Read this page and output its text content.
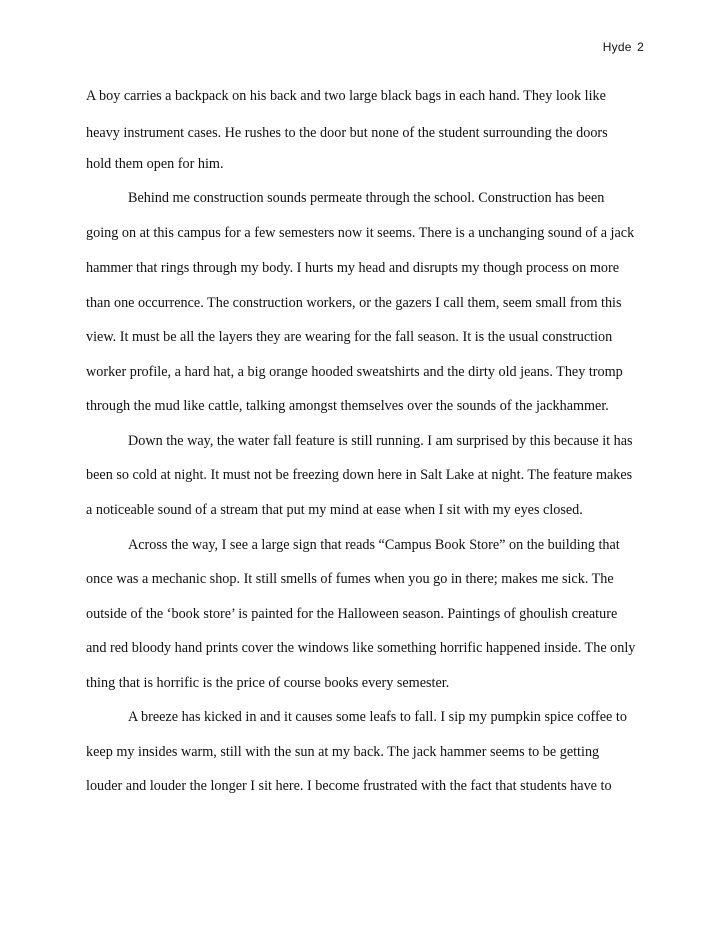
Hyde 2
A boy carries a backpack on his back and two large black bags in each hand. They look like
heavy instrument cases. He rushes to the door but none of the student surrounding the doors
hold them open for him.
Behind me construction sounds permeate through the school. Construction has been
going on at this campus for a few semesters now it seems. There is a unchanging sound of a jack
hammer that rings through my body. I hurts my head and disrupts my though process on more
than one occurrence. The construction workers, or the gazers I call them, seem small from this
view. It must be all the layers they are wearing for the fall season. It is the usual construction
worker profile, a hard hat, a big orange hooded sweatshirts and the dirty old jeans. They tromp
through the mud like cattle, talking amongst themselves over the sounds of the jackhammer.
Down the way, the water fall feature is still running. I am surprised by this because it has
been so cold at night. It must not be freezing down here in Salt Lake at night. The feature makes
a noticeable sound of a stream that put my mind at ease when I sit with my eyes closed.
Across the way, I see a large sign that reads “Campus Book Store” on the building that
once was a mechanic shop. It still smells of fumes when you go in there; makes me sick. The
outside of the ‘book store’ is painted for the Halloween season. Paintings of ghoulish creature
and red bloody hand prints cover the windows like something horrific happened inside. The only
thing that is horrific is the price of course books every semester.
A breeze has kicked in and it causes some leafs to fall. I sip my pumpkin spice coffee to
keep my insides warm, still with the sun at my back. The jack hammer seems to be getting
louder and louder the longer I sit here. I become frustrated with the fact that students have to
